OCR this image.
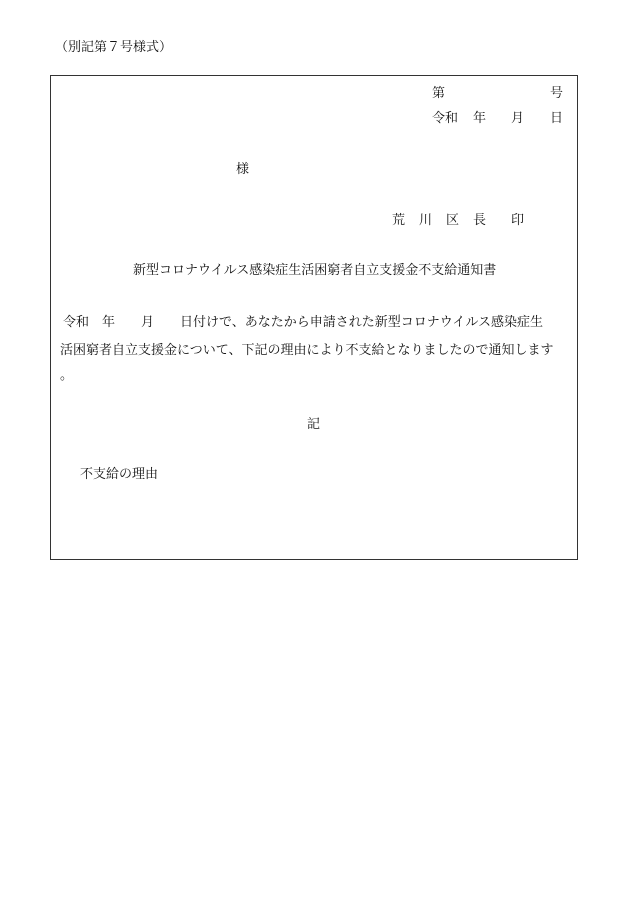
（別記第７号様式）
第	号
令和 年 月 日
様
荒 川 区 長 印
新型コロナウイルス感染症生活困窮者自立支援金不支給通知書
令和　年　　月　　日付けで、あなたから申請された新型コロナウイルス感染症生
活困窮者自立支援金について、下記の理由により不支給となりましたので通知します
。
記
不支給の理由
